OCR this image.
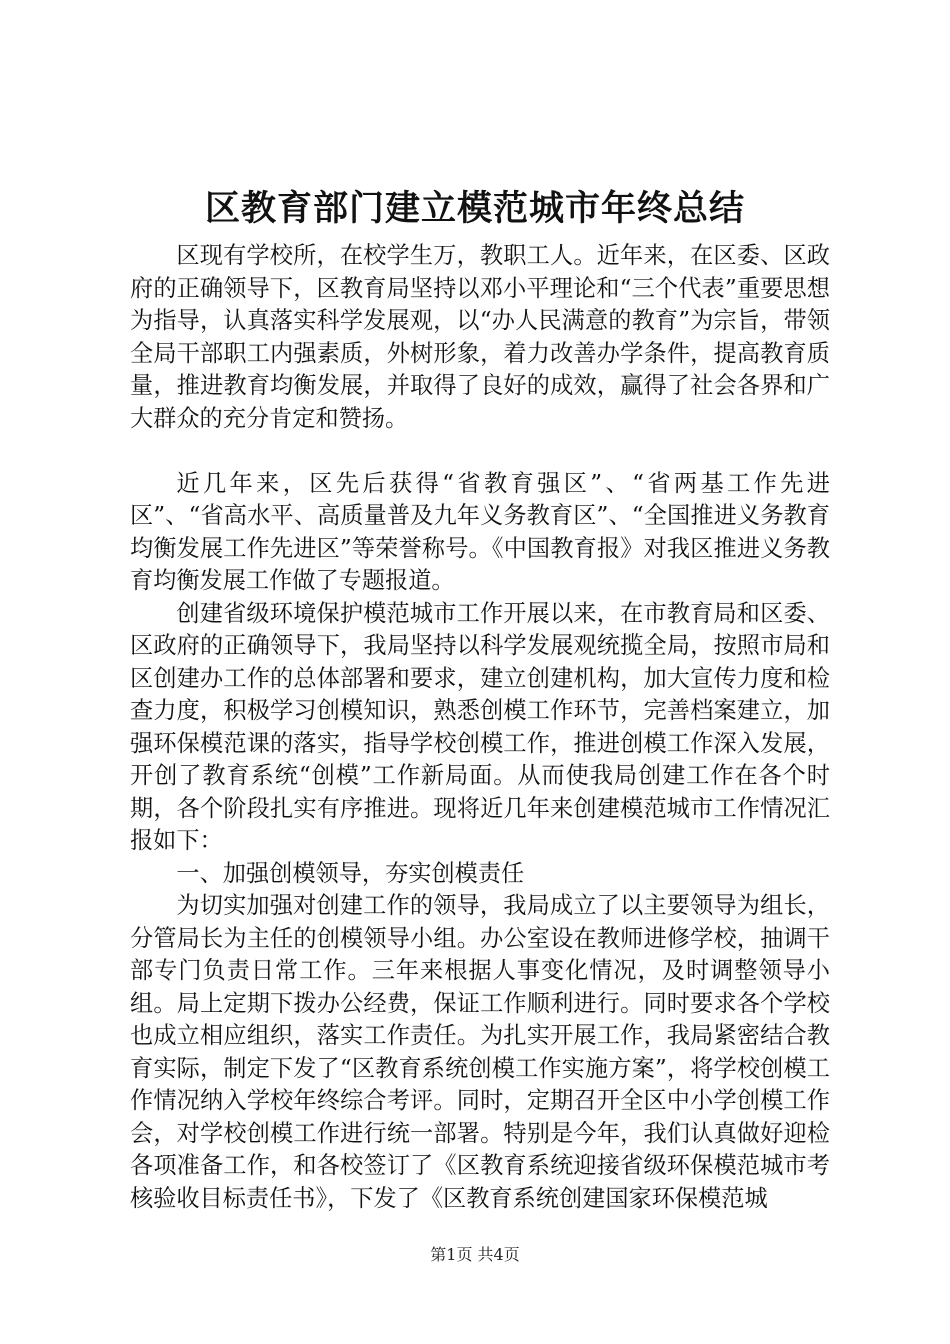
区教育部门建立模范城市年终总结

区现有学校所，在校学生万，教职工人。近年来，在区委、区政府的正确领导下，区教育局坚持以邓小平理论和“三个代表”重要思想为指导，认真落实科学发展观，以“办人民满意的教育”为宗旨，带领全局干部职工内强素质，外树形象，着力改善办学条件，提高教育质量，推进教育均衡发展，并取得了良好的成效，赢得了社会各界和广大群众的充分肯定和赞扬。

近几年来，区先后获得“省教育强区”、“省两基工作先进区”、“省高水平、高质量普及九年义务教育区”、“全国推进义务教育均衡发展工作先进区”等荣誉称号。《中国教育报》对我区推进义务教育均衡发展工作做了专题报道。

创建省级环境保护模范城市工作开展以来，在市教育局和区委、区政府的正确领导下，我局坚持以科学发展观统揽全局，按照市局和区创建办工作的总体部署和要求，建立创建机构，加大宣传力度和检查力度，积极学习创模知识，熟悉创模工作环节，完善档案建立，加强环保模范课的落实，指导学校创模工作，推进创模工作深入发展，开创了教育系统“创模”工作新局面。从而使我局创建工作在各个时期，各个阶段扎实有序推进。现将近几年来创建模范城市工作情况汇报如下：

一、加强创模领导，夯实创模责任

为切实加强对创建工作的领导，我局成立了以主要领导为组长，分管局长为主任的创模领导小组。办公室设在教师进修学校，抽调干部专门负责日常工作。三年来根据人事变化情况，及时调整领导小组。局上定期下拨办公经费，保证工作顺利进行。同时要求各个学校也成立相应组织，落实工作责任。为扎实开展工作，我局紧密结合教育实际，制定下发了“区教育系统创模工作实施方案”，将学校创模工作情况纳入学校年终综合考评。同时，定期召开全区中小学创模工作会，对学校创模工作进行统一部署。特别是今年，我们认真做好迎检各项准备工作，和各校签订了《区教育系统迎接省级环保模范城市考核验收目标责任书》，下发了《区教育系统创建国家环保模范城

第1页 共4页
